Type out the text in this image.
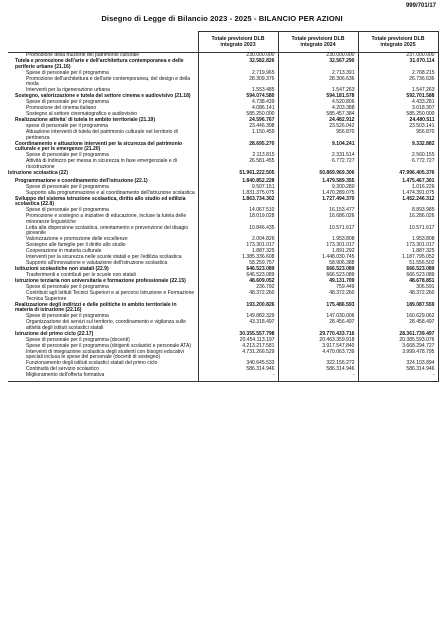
999/701/17
Disegno di Legge di Bilancio 2023 - 2025 - BILANCIO PER AZIONI
	Totale previsioni DLB integrato 2023	Totale previsioni DLB integrato 2024	Totale previsioni DLB integrato 2025
Promozione della fruizione del patrimonio culturale	230.000.000	230.000.000	237.000.000
Tutela e promozione dell'arte e dell'architettura contemporanea e delle periferie urbane (21.16)	32.582.826	32.567.290	31.070.114
Spese di personale per il programma	2.719.965	2.713.391	2.768.215
Promozione dell'architettura e dell'arte contemporanea, del design e della moda	28.309.376	28.306.636	26.736.636
Interventi per la rigenerazione urbana	1.553.485	1.547.263	1.547.263
Sostegno, valorizzazione e tutela del settore cinema e audiovisivo (21.18)	594.074.580	594.181.578	592.701.588
Spese di personale per il programma	4.738.439	4.520.806	4.433.281
Promozione del cinema italiano	4.086.141	4.203.388	3.018.307
Sostegno al settore cinematografico e audiovisivo	585.250.000	585.457.384	585.250.000
Realizzazione attivita' di tutela in ambito territoriale (21.19)	24.596.767	24.482.912	24.480.511
spese di personale per il programma	23.446.308	23.526.042	23.503.141
Attuazione interventi di tutela del patrimonio culturale nel territorio di pertinenza	1.150.459	956.870	956.870
Coordinamento e attuazione interventi per la sicurezza del patrimonio culturale e per le emergenze (21.20)	28.695.270	9.104.241	9.332.882
Spese di personale per il programma	2.113.815	2.331.514	2.560.155
Attività di indirizzo per messa in sicurezza in fase emergenziale e di ricostruzione	26.581.455	6.772.727	6.772.727
Istruzione scolastica (22)	51.961.222.505	50.869.969.306	47.996.405.376

Programmazione e coordinamento dell'istruzione (22.1)	1.840.852.228	1.479.589.355	1.475.467.301
Spese di personale per il programma	9.507.151	9.300.280	1.016.226
Supporto alla programmazione e al coordinamento dell'istruzione scolastica	1.831.375.075	1.470.289.075	1.474.391.075
Sviluppo del sistema istruzione scolastica, diritto allo studio ed edilizia scolastica (22.8)	1.863.734.302	1.727.494.370	1.452.246.312
Spese di personale per il programma	14.067.510	16.153.477	8.893.985
Promozione e sostegno a iniziative di educazione, incluse la tutela delle minoranze linguistiche	18.019.028	16.686.026	16.286.026
Lotta alla dispersione scolastica, orientamento e prevenzione del disagio giovanile	10.846.435	10.571.617	10.571.617
Valorizzazione e promozione delle eccellenze	2.004.826	1.953.808	1.953.808
Sostegno alle famiglie per il diritto allo studio	173.301.017	173.301.017	173.301.017
Cooperazione in materia culturale	1.887.325	1.891.292	1.887.325
Interventi per la sicurezza nelle scuole statali e per l'edilizia scolastica	1.385.336.608	1.448.030.745	1.187.795.052
Supporto all'innovazione e valutazione dell'istruzione scolastica	58.259.757	58.906.388	51.556.502
Istituzioni scolastiche non statali (22.9)	646.523.089	666.523.089	666.523.089
Trasferimenti e contributi per le scuole non statali	646.523.089	666.523.089	666.523.089
Istruzione terziaria non universitaria e formazione professionale (22.15)	48.609.052	49.131.709	48.678.851
Spese di personale per il programma	236.792	759.449	306.591
Contributi agli Istituti Tecnici Superiori e ai percorsi Istruzione e Formazione Tecnica Superiore	48.372.260	48.372.260	48.372.260
Realizzazione degli indirizzi e delle politiche in ambito territoriale in materia di istruzione (22.16)	193.200.826	175.486.593	189.087.559
Spese di personale per il programma	149.882.329	147.030.006	160.629.062
Organizzazione dei servizi sul territorio, coordinamento e vigilanza sulle attività degli istituti scolastici statali	43.318.497	28.456.497	28.458.497
Istruzione del primo ciclo (22.17)	30.355.557.798	29.770.433.716	28.361.739.497
Spese di personale per il programma (docenti)	20.454.113.197	20.463.359.918	20.385.593.076
Spese di personale per il programma (dirigenti scolastici e personale ATA)	4.213.217.581	3.917.547.840	3.668.294.727
Interventi di integrazione scolastica degli studenti con bisogni educativi speciali inclusa le spese del personale (docenti di sostegno)	4.731.266.529	4.470.063.739	3.999.478.795
Funzionamento degli istituti scolastici statali del primo ciclo	340.645.533	322.156.272	324.103.894
Continuità del servizio scolastico	586.314.946	586.314.946	586.314.946
Miglioramento dell'offerta formativa	-	-	-
